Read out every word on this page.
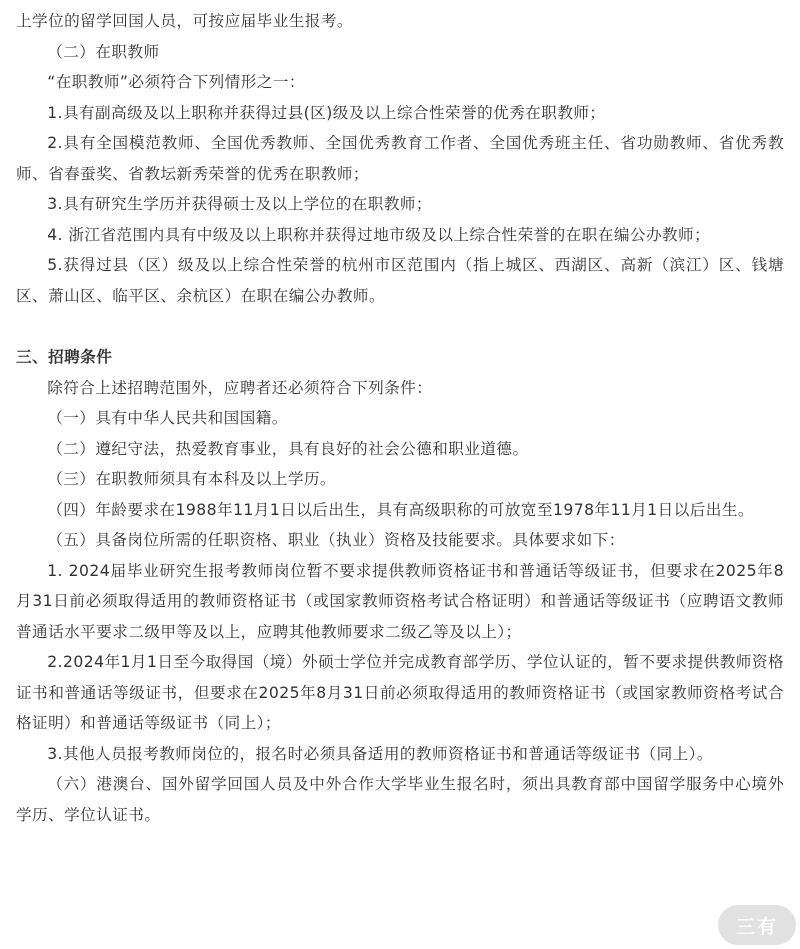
上学位的留学回国人员，可按应届毕业生报考。

（二）在职教师

“在职教师”必须符合下列情形之一：

1.具有副高级及以上职称并获得过县(区)级及以上综合性荣誉的优秀在职教师；

2.具有全国模范教师、全国优秀教师、全国优秀教育工作者、全国优秀班主任、省功勋教师、省优秀教师、省春蚕奖、省教坛新秀荣誉的优秀在职教师；

3.具有研究生学历并获得硕士及以上学位的在职教师；

4. 浙江省范围内具有中级及以上职称并获得过地市级及以上综合性荣誉的在职在编公办教师；

5.获得过县（区）级及以上综合性荣誉的杭州市区范围内（指上城区、西湖区、高新（滨江）区、钱塘区、萧山区、临平区、余杭区）在职在编公办教师。

三、招聘条件

除符合上述招聘范围外，应聘者还必须符合下列条件：

（一）具有中华人民共和国国籍。

（二）遵纪守法，热爱教育事业，具有良好的社会公德和职业道德。

（三）在职教师须具有本科及以上学历。

（四）年龄要求在1988年11月1日以后出生，具有高级职称的可放宽至1978年11月1日以后出生。

（五）具备岗位所需的任职资格、职业（执业）资格及技能要求。具体要求如下：

1. 2024届毕业研究生报考教师岗位暂不要求提供教师资格证书和普通话等级证书，但要求在2025年8月31日前必须取得适用的教师资格证书（或国家教师资格考试合格证明）和普通话等级证书（应聘语文教师普通话水平要求二级甲等及以上，应聘其他教师要求二级乙等及以上）；

2.2024年1月1日至今取得国（境）外硕士学位并完成教育部学历、学位认证的，暂不要求提供教师资格证书和普通话等级证书，但要求在2025年8月31日前必须取得适用的教师资格证书（或国家教师资格考试合格证明）和普通话等级证书（同上）；

3.其他人员报考教师岗位的，报名时必须具备适用的教师资格证书和普通话等级证书（同上）。

（六）港澳台、国外留学回国人员及中外合作大学毕业生报名时，须出具教育部中国留学服务中心境外学历、学位认证书。

三有
